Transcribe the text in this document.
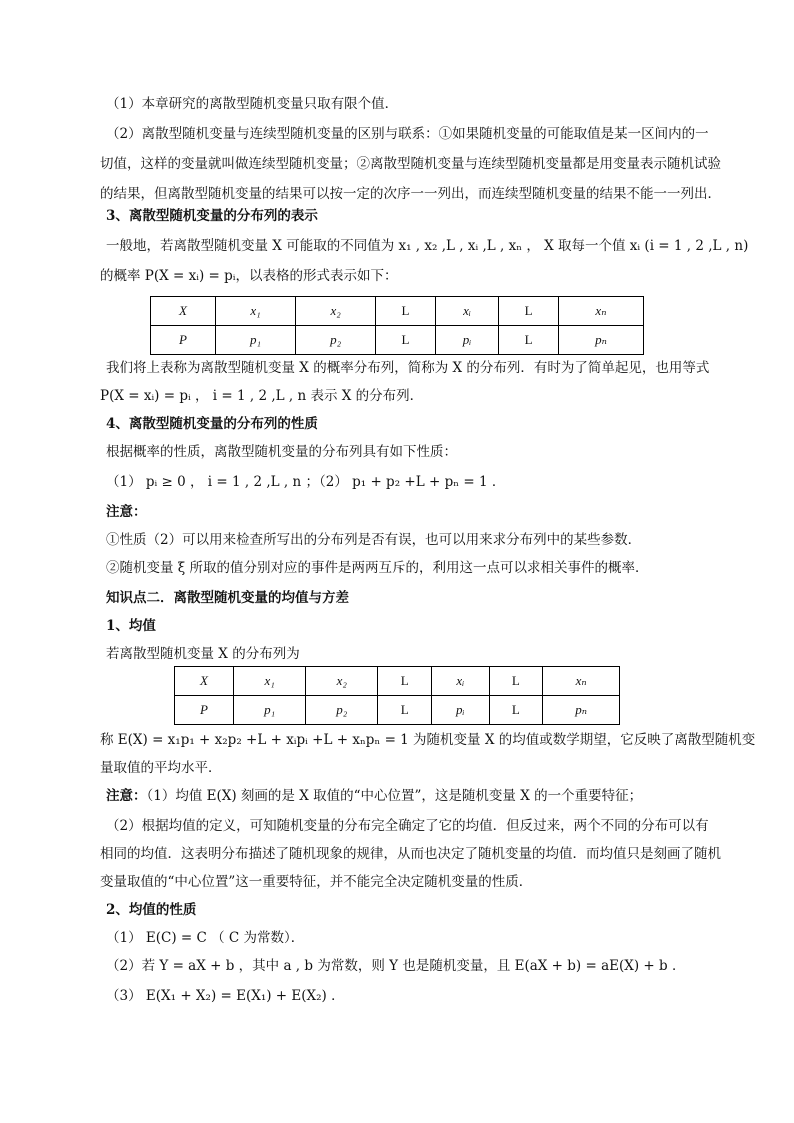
（1）本章研究的离散型随机变量只取有限个值．
（2）离散型随机变量与连续型随机变量的区别与联系：①如果随机变量的可能取值是某一区间内的一
切值，这样的变量就叫做连续型随机变量；②离散型随机变量与连续型随机变量都是用变量表示随机试验
的结果，但离散型随机变量的结果可以按一定的次序一一列出，而连续型随机变量的结果不能一一列出．
3、离散型随机变量的分布列的表示
一般地，若离散型随机变量 X 可能取的不同值为 x₁ , x₂ ,L , xᵢ ,L , xₙ ， X 取每一个值 xᵢ (i = 1 , 2 ,L , n)
的概率 P(X = xᵢ) = pᵢ，以表格的形式表示如下：
X	x₁	x₂	L	xᵢ	L	xₙ
P	p₁	p₂	L	pᵢ	L	pₙ
我们将上表称为离散型随机变量 X 的概率分布列，简称为 X 的分布列．有时为了简单起见，也用等式
P(X = xᵢ) = pᵢ ， i = 1 , 2 ,L , n 表示 X 的分布列．
4、离散型随机变量的分布列的性质
根据概率的性质，离散型随机变量的分布列具有如下性质：
（1） pᵢ ≥ 0 ， i = 1 , 2 ,L , n ；（2） p₁ + p₂ +L + pₙ = 1 ．
注意：
①性质（2）可以用来检查所写出的分布列是否有误，也可以用来求分布列中的某些参数．
②随机变量 ξ 所取的值分别对应的事件是两两互斥的，利用这一点可以求相关事件的概率．
知识点二．离散型随机变量的均值与方差
1、均值
若离散型随机变量 X 的分布列为
X	x₁	x₂	L	xᵢ	L	xₙ
P	p₁	p₂	L	pᵢ	L	pₙ
称 E(X) = x₁p₁ + x₂p₂ +L + xᵢpᵢ +L + xₙpₙ = 1 为随机变量 X 的均值或数学期望，它反映了离散型随机变
量取值的平均水平．
注意：（1）均值 E(X) 刻画的是 X 取值的“中心位置”，这是随机变量 X 的一个重要特征；
（2）根据均值的定义，可知随机变量的分布完全确定了它的均值．但反过来，两个不同的分布可以有
相同的均值．这表明分布描述了随机现象的规律，从而也决定了随机变量的均值．而均值只是刻画了随机
变量取值的“中心位置”这一重要特征，并不能完全决定随机变量的性质．
2、均值的性质
（1） E(C) = C （ C 为常数）．
（2）若 Y = aX + b ，其中 a , b 为常数，则 Y 也是随机变量，且 E(aX + b) = aE(X) + b ．
（3） E(X₁ + X₂) = E(X₁) + E(X₂) ．
